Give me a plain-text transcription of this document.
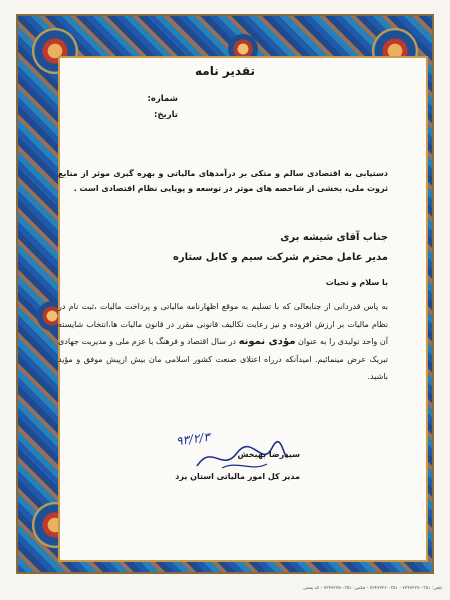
تقدیر نامه
شماره:
تاریخ:
دستیابی به اقتصادی سالم و متکی بر درآمدهای مالیاتی و بهره گیری موثر از منابع ثروت ملی، بخشی از شاخصه های موثر در توسعه و پویایی نظام اقتصادی است .
جناب آقای شیشه بری
مدیر عامل محترم شرکت سیم و کابل ستاره
با سلام و تحیات
به پاس قدردانی از جنابعالی که با تسلیم به موقع اظهارنامه مالیاتی و پرداخت مالیات ،ثبت نام در نظام مالیات بر ارزش افزوده و نیز رعایت تکالیف قانونی مقرر در قانون مالیات ها،انتخاب شایسته آن واحد تولیدی را به عنوان مؤدی نمونه در سال اقتصاد و فرهنگ با عزم ملی و مدیریت جهادی تبریک عرض مینمائیم. امیدآنکه درراه اعتلای صنعت کشور اسلامی مان بیش ازپیش موفق و مؤید باشید.
۹۳/۲/۳
سیدرضا بهبخش
مدیر کل امور مالیاتی استان یزد
تلفن: ۰۳۵۱-۷۲۴۷۲۲۷ - ۰۳۵۱-۷۲۴۷۲۲۶ - فکس: ۰۳۵۱-۷۲۴۷۲۲۵ - کد پستی
